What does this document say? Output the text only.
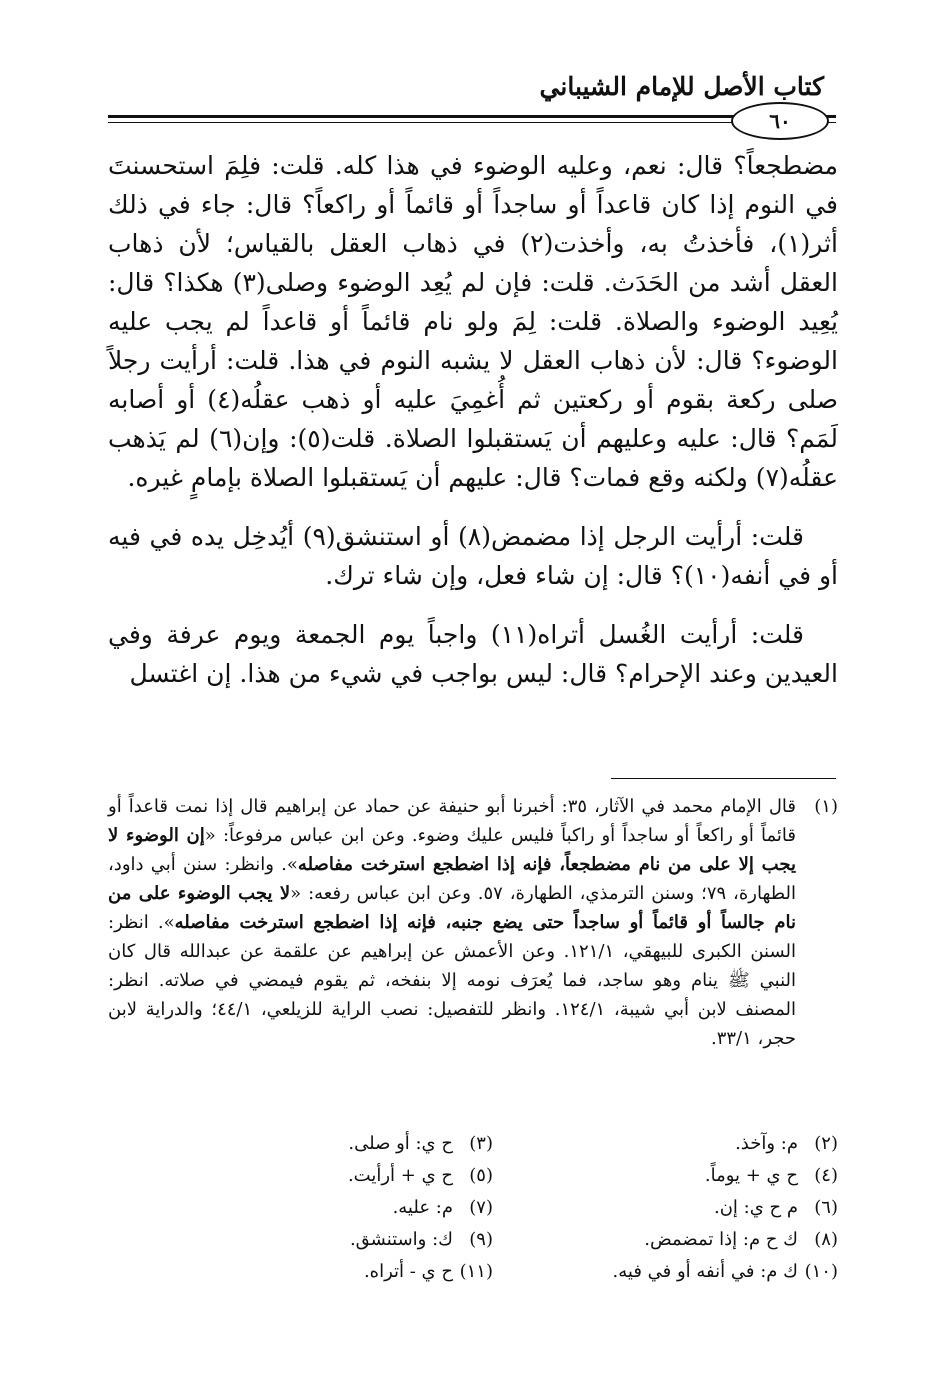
كتاب الأصل للإمام الشيباني
٦٠

مضطجعاً؟ قال: نعم، وعليه الوضوء في هذا كله. قلت: فلِمَ استحسنتَ في النوم إذا كان قاعداً أو ساجداً أو قائماً أو راكعاً؟ قال: جاء في ذلك أثر(١)، فأخذتُ به، وأخذت(٢) في ذهاب العقل بالقياس؛ لأن ذهاب العقل أشد من الحَدَث. قلت: فإن لم يُعِد الوضوء وصلى(٣) هكذا؟ قال: يُعِيد الوضوء والصلاة. قلت: لِمَ ولو نام قائماً أو قاعداً لم يجب عليه الوضوء؟ قال: لأن ذهاب العقل لا يشبه النوم في هذا. قلت: أرأيت رجلاً صلى ركعة بقوم أو ركعتين ثم أُغمِيَ عليه أو ذهب عقلُه(٤) أو أصابه لَمَم؟ قال: عليه وعليهم أن يَستقبلوا الصلاة. قلت(٥): وإن(٦) لم يَذهب عقلُه(٧) ولكنه وقع فمات؟ قال: عليهم أن يَستقبلوا الصلاة بإمامٍ غيره.

قلت: أرأيت الرجل إذا مضمض(٨) أو استنشق(٩) أيُدخِل يده في فيه أو في أنفه(١٠)؟ قال: إن شاء فعل، وإن شاء ترك.

قلت: أرأيت الغُسل أتراه(١١) واجباً يوم الجمعة ويوم عرفة وفي العيدين وعند الإحرام؟ قال: ليس بواجب في شيء من هذا. إن اغتسل

(١)
قال الإمام محمد في الآثار، ٣٥: أخبرنا أبو حنيفة عن حماد عن إبراهيم قال إذا نمت قاعداً أو قائماً أو راكعاً أو ساجداً أو راكباً فليس عليك وضوء. وعن ابن عباس مرفوعاً: «إن الوضوء لا يجب إلا على من نام مضطجعاً، فإنه إذا اضطجع استرخت مفاصله». وانظر: سنن أبي داود، الطهارة، ٧٩؛ وسنن الترمذي، الطهارة، ٥٧. وعن ابن عباس رفعه: «لا يجب الوضوء على من نام جالساً أو قائماً أو ساجداً حتى يضع جنبه، فإنه إذا اضطجع استرخت مفاصله». انظر: السنن الكبرى للبيهقي، ١٢١/١. وعن الأعمش عن إبراهيم عن علقمة عن عبدالله قال كان النبي ﷺ ينام وهو ساجد، فما يُعرَف نومه إلا بنفخه، ثم يقوم فيمضي في صلاته. انظر: المصنف لابن أبي شيبة، ١٢٤/١. وانظر للتفصيل: نصب الراية للزيلعي، ٤٤/١؛ والدراية لابن حجر، ٣٣/١.
(٢)م: وآخذ.
(٣)ح ي: أو صلى.
(٤)ح ي + يوماً.
(٥)ح ي + أرأيت.
(٦)م ح ي: إن.
(٧)م: عليه.
(٨)ك ح م: إذا تمضمض.
(٩)ك: واستنشق.
(١٠)ك م: في أنفه أو في فيه.
(١١)ح ي - أتراه.
